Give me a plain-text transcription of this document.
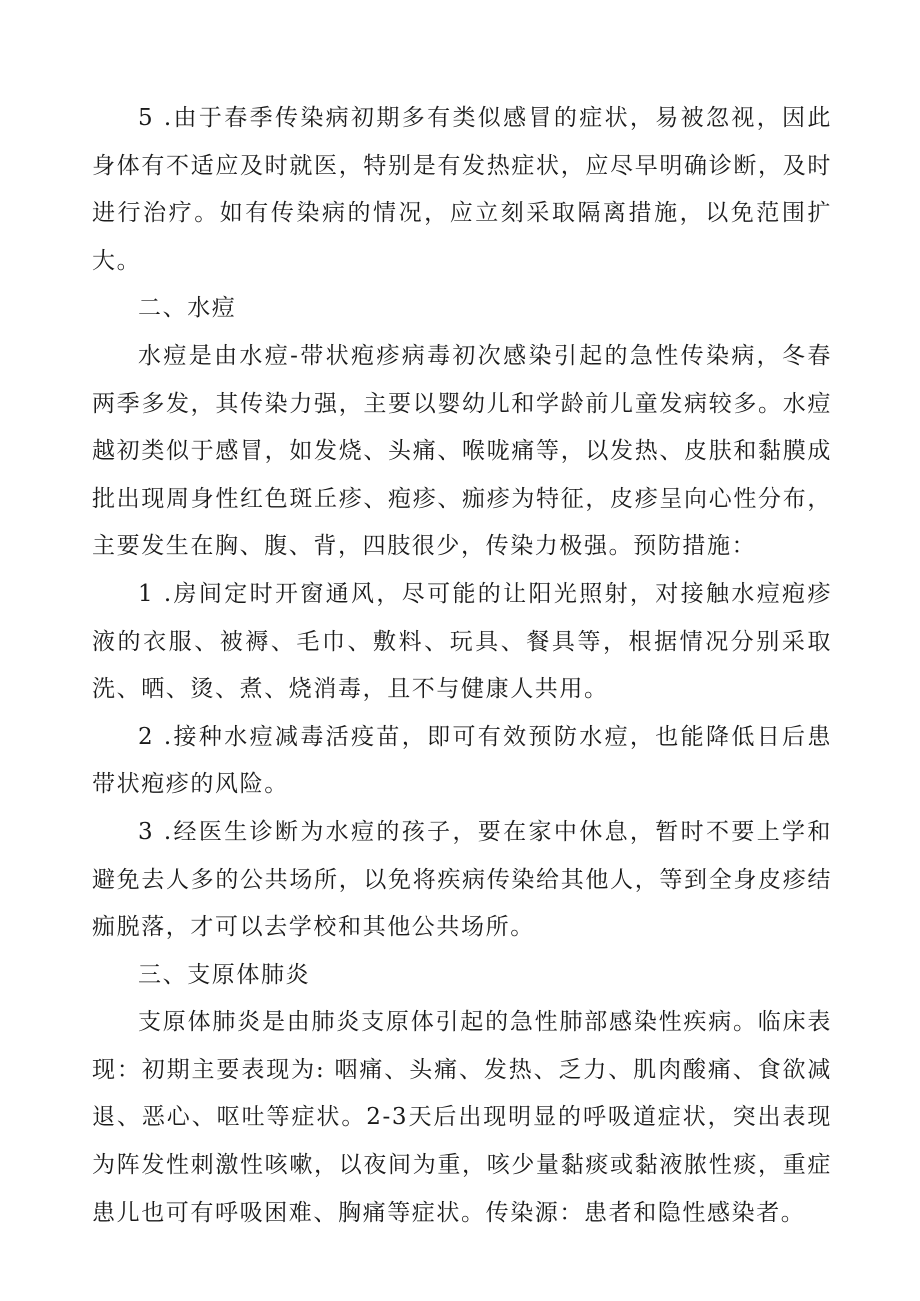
5 .由于春季传染病初期多有类似感冒的症状，易被忽视，因此身体有不适应及时就医，特别是有发热症状，应尽早明确诊断，及时进行治疗。如有传染病的情况，应立刻采取隔离措施，以免范围扩大。

二、水痘

水痘是由水痘-带状疱疹病毒初次感染引起的急性传染病，冬春两季多发，其传染力强，主要以婴幼儿和学龄前儿童发病较多。水痘越初类似于感冒，如发烧、头痛、喉咙痛等，以发热、皮肤和黏膜成批出现周身性红色斑丘疹、疱疹、痂疹为特征，皮疹呈向心性分布，主要发生在胸、腹、背，四肢很少，传染力极强。预防措施：

1 .房间定时开窗通风，尽可能的让阳光照射，对接触水痘疱疹液的衣服、被褥、毛巾、敷料、玩具、餐具等，根据情况分别采取洗、晒、烫、煮、烧消毒，且不与健康人共用。

2 .接种水痘减毒活疫苗，即可有效预防水痘，也能降低日后患带状疱疹的风险。

3 .经医生诊断为水痘的孩子，要在家中休息，暂时不要上学和避免去人多的公共场所，以免将疾病传染给其他人，等到全身皮疹结痂脱落，才可以去学校和其他公共场所。

三、支原体肺炎

支原体肺炎是由肺炎支原体引起的急性肺部感染性疾病。临床表现：初期主要表现为: 咽痛、头痛、发热、乏力、肌肉酸痛、食欲减退、恶心、呕吐等症状。2-3天后出现明显的呼吸道症状，突出表现为阵发性刺激性咳嗽，以夜间为重，咳少量黏痰或黏液脓性痰，重症患儿也可有呼吸困难、胸痛等症状。传染源：患者和隐性感染者。
